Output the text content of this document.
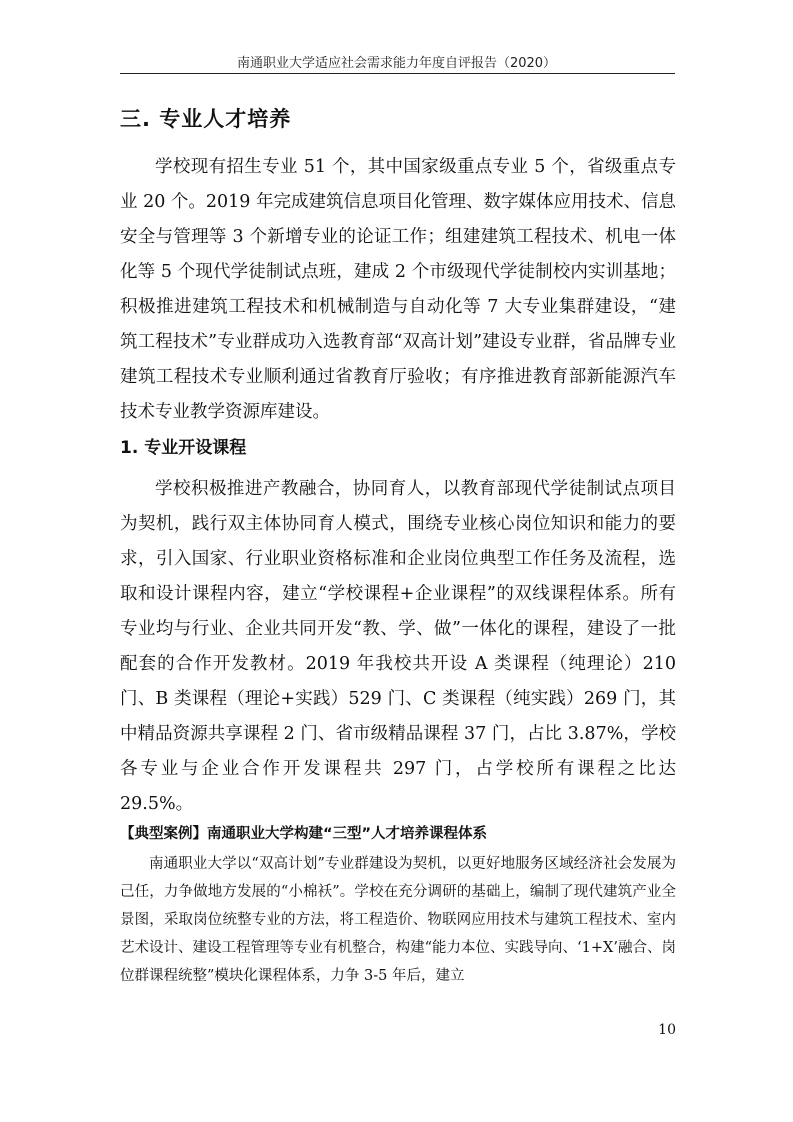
南通职业大学适应社会需求能力年度自评报告（2020）
三. 专业人才培养

学校现有招生专业 51 个，其中国家级重点专业 5 个，省级重点专业 20 个。2019 年完成建筑信息项目化管理、数字媒体应用技术、信息安全与管理等 3 个新增专业的论证工作；组建建筑工程技术、机电一体化等 5 个现代学徒制试点班，建成 2 个市级现代学徒制校内实训基地；积极推进建筑工程技术和机械制造与自动化等 7 大专业集群建设，“建筑工程技术”专业群成功入选教育部“双高计划”建设专业群，省品牌专业建筑工程技术专业顺利通过省教育厅验收；有序推进教育部新能源汽车技术专业教学资源库建设。

1. 专业开设课程

学校积极推进产教融合，协同育人，以教育部现代学徒制试点项目为契机，践行双主体协同育人模式，围绕专业核心岗位知识和能力的要求，引入国家、行业职业资格标准和企业岗位典型工作任务及流程，选取和设计课程内容，建立“学校课程+企业课程”的双线课程体系。所有专业均与行业、企业共同开发“教、学、做”一体化的课程，建设了一批配套的合作开发教材。2019 年我校共开设 A 类课程（纯理论）210 门、B 类课程（理论+实践）529 门、C 类课程（纯实践）269 门，其中精品资源共享课程 2 门、省市级精品课程 37 门，占比 3.87%，学校各专业与企业合作开发课程共 297 门，占学校所有课程之比达 29.5%。

【典型案例】南通职业大学构建“三型”人才培养课程体系

南通职业大学以“双高计划”专业群建设为契机，以更好地服务区域经济社会发展为己任，力争做地方发展的“小棉袄”。学校在充分调研的基础上，编制了现代建筑产业全景图，采取岗位统整专业的方法，将工程造价、物联网应用技术与建筑工程技术、室内艺术设计、建设工程管理等专业有机整合，构建“能力本位、实践导向、‘1+X’融合、岗位群课程统整”模块化课程体系，力争 3-5 年后，建立

10
